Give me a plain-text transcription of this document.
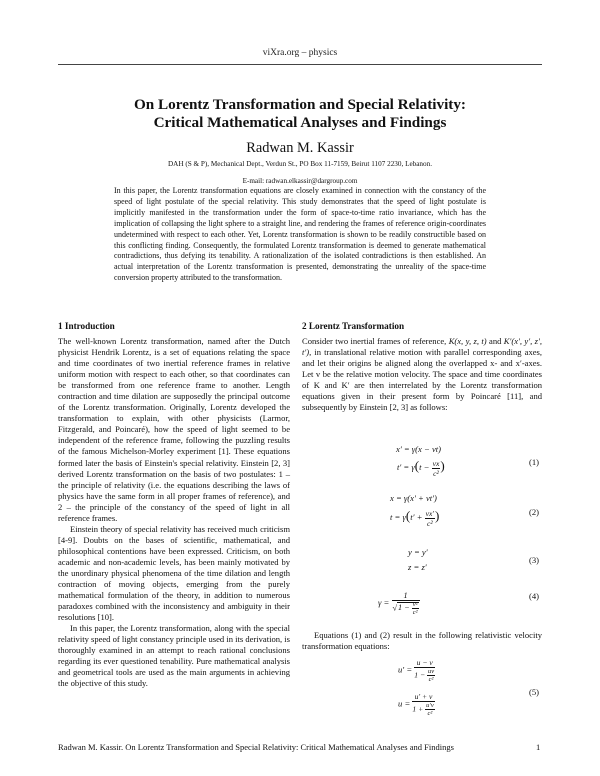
viXra.org – physics
On Lorentz Transformation and Special Relativity:
Critical Mathematical Analyses and Findings
Radwan M. Kassir
DAH (S & P), Mechanical Dept., Verdun St., PO Box 11-7159, Beirut 1107 2230, Lebanon.
E-mail: radwan.elkassir@dargroup.com

In this paper, the Lorentz transformation equations are closely examined in connection with the constancy of the speed of light postulate of the special relativity. This study demonstrates that the speed of light postulate is implicitly manifested in the transformation under the form of space-to-time ratio invariance, which has the implication of collapsing the light sphere to a straight line, and rendering the frames of reference origin-coordinates undetermined with respect to each other. Yet, Lorentz transformation is shown to be readily constructible based on this conflicting finding. Consequently, the formulated Lorentz transformation is deemed to generate mathematical contradictions, thus defying its tenability. A rationalization of the isolated contradictions is then established. An actual interpretation of the Lorentz transformation is presented, demonstrating the unreality of the space-time conversion property attributed to the transformation.

1 Introduction	2 Lorentz Transformation

The well-known Lorentz transformation, named after the Dutch physicist Hendrik Lorentz, is a set of equations relating the space and time coordinates of two inertial reference frames in relative uniform motion with respect to each other, so that coordinates can be transformed from one reference frame to another. Length contraction and time dilation are supposedly the principal outcome of the Lorentz transformation. Originally, Lorentz developed the transformation to explain, with other physicists (Larmor, Fitzgerald, and Poincaré), how the speed of light seemed to be independent of the reference frame, following the puzzling results of the famous Michelson-Morley experiment [1]. These equations formed later the basis of Einstein's special relativity. Einstein [2, 3] derived Lorentz transformation on the basis of two postulates: 1 – the principle of relativity (i.e. the equations describing the laws of physics have the same form in all proper frames of reference), and 2 – the principle of the constancy of the speed of light in all reference frames.

Einstein theory of special relativity has received much criticism [4-9]. Doubts on the bases of scientific, mathematical, and philosophical contentions have been expressed. Criticism, on both academic and non-academic levels, has been mainly motivated by the unordinary physical phenomena of the time dilation and length contraction of moving objects, emerging from the purely mathematical formulation of the theory, in addition to numerous paradoxes combined with the inconsistency and ambiguity in their resolutions [10].

In this paper, the Lorentz transformation, along with the special relativity speed of light constancy principle used in its derivation, is thoroughly examined in an attempt to reach rational conclusions regarding its ever questioned tenability. Pure mathematical analysis and geometrical tools are used as the main arguments in achieving the objective of this study.

Consider two inertial frames of reference, K(x, y, z, t) and K′(x′, y′, z′, t′), in translational relative motion with parallel corresponding axes, and let their origins be aligned along the overlapped x- and x′-axes. Let v be the relative motion velocity. The space and time coordinates of K and K′ are then interrelated by the Lorentz transformation equations given in their present form by Poincaré [11], and subsequently by Einstein [2, 3] as follows:

x′ = γ(x − vt)
$t' = \gamma(t - \frac{vx}{\text{c²}}$ )	(1)
x = γ(x′ + vt′)
$t = \gamma(t' + \frac{vx'}{\text{c²}}$ )	(2)
y = y′
z = z′
(3)
$\gamma = \frac{1}{√1 - \frac{\text{v²}}{\text{c²}}}$	(4)

Equations (1) and (2) result in the following relativistic velocity transformation equations:

$u' = \frac{u - v}{1 - \frac{uv}{\text{c²}}}$
$u = \frac{u' + v}{1 + \frac{u'v}{\text{c²}}}$	(5)
Radwan M. Kassir. On Lorentz Transformation and Special Relativity: Critical Mathematical Analyses and Findings	1
